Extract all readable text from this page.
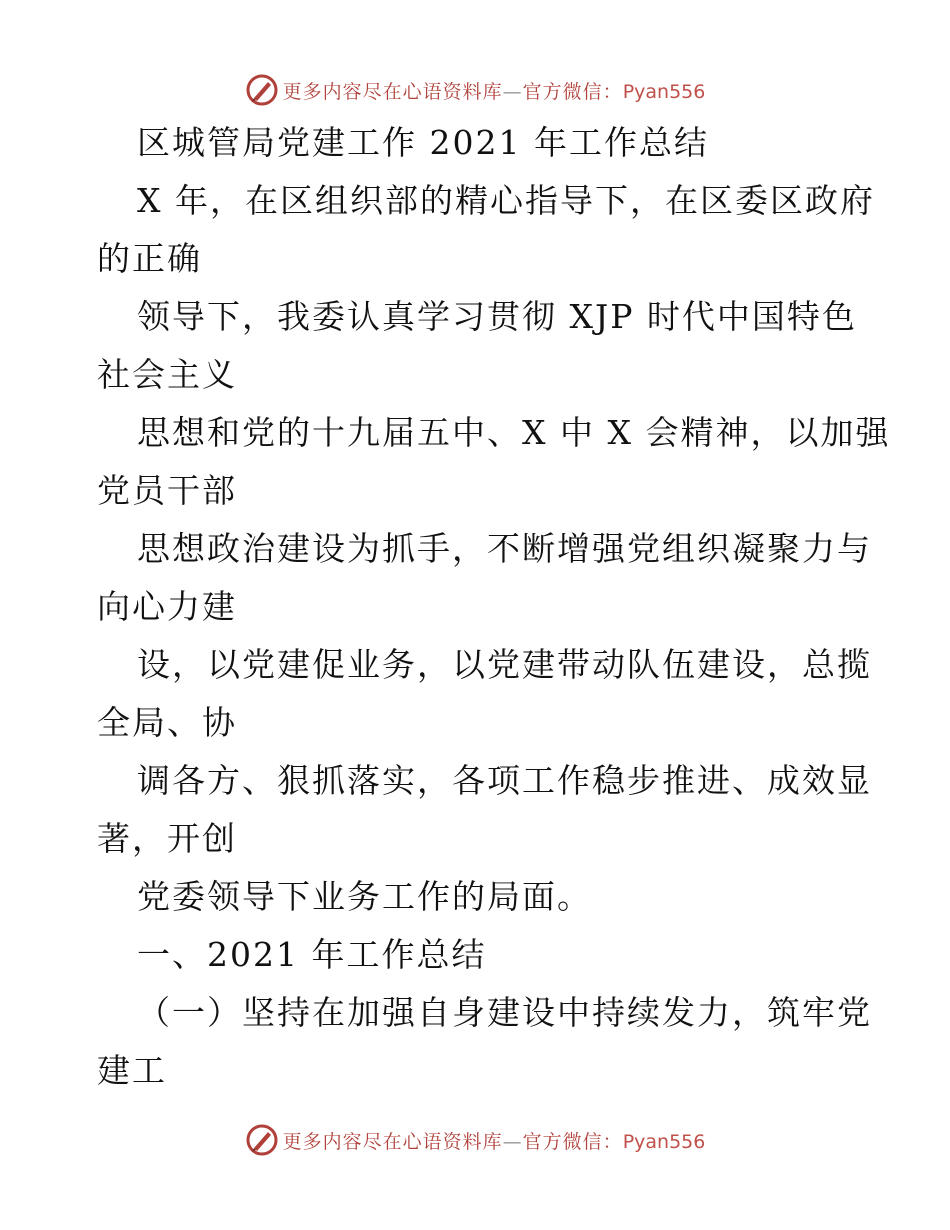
更多内容尽在心语资料库—官方微信：Pyan556
区城管局党建工作 2021 年工作总结
X 年，在区组织部的精心指导下，在区委区政府
的正确
领导下，我委认真学习贯彻 XJP 时代中国特色
社会主义
思想和党的十九届五中、X 中 X 会精神，以加强
党员干部
思想政治建设为抓手，不断增强党组织凝聚力与
向心力建
设，以党建促业务，以党建带动队伍建设，总揽
全局、协
调各方、狠抓落实，各项工作稳步推进、成效显
著，开创
党委领导下业务工作的局面。
一、2021 年工作总结
（一）坚持在加强自身建设中持续发力，筑牢党
建工
更多内容尽在心语资料库—官方微信：Pyan556
